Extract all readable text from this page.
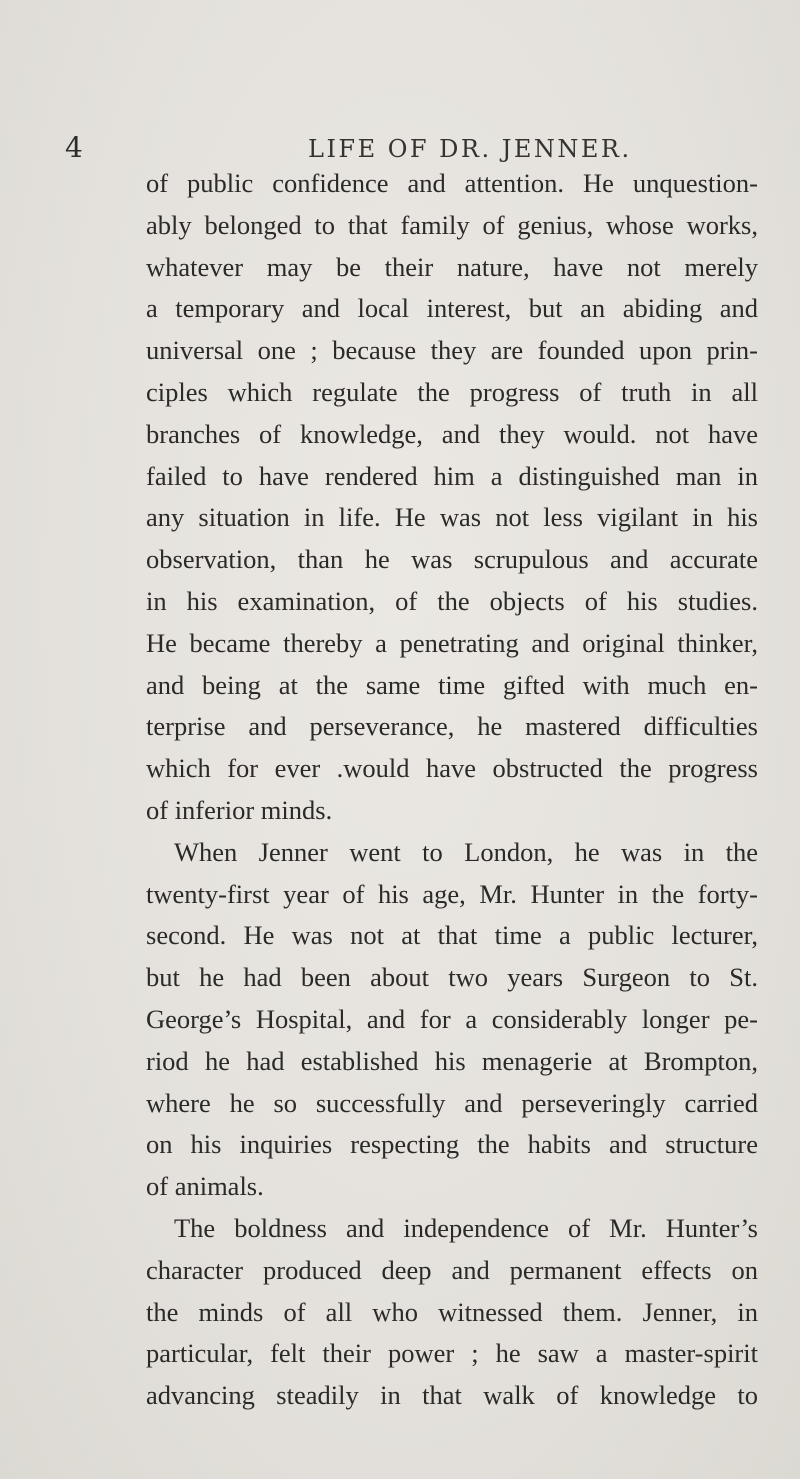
4	LIFE OF DR. JENNER.
of public confidence and attention. He unquestion-
ably belonged to that family of genius, whose works,
whatever may be their nature, have not merely
a temporary and local interest, but an abiding and
universal one ; because they are founded upon prin-
ciples which regulate the progress of truth in all
branches of knowledge, and they would. not have
failed to have rendered him a distinguished man in
any situation in life. He was not less vigilant in his
observation, than he was scrupulous and accurate
in his examination, of the objects of his studies.
He became thereby a penetrating and original thinker,
and being at the same time gifted with much en-
terprise and perseverance, he mastered difficulties
which for ever .would have obstructed the progress
of inferior minds.
When Jenner went to London, he was in the
twenty-first year of his age, Mr. Hunter in the forty-
second. He was not at that time a public lecturer,
but he had been about two years Surgeon to St.
George’s Hospital, and for a considerably longer pe-
riod he had established his menagerie at Brompton,
where he so successfully and perseveringly carried
on his inquiries respecting the habits and structure
of animals.
The boldness and independence of Mr. Hunter’s
character produced deep and permanent effects on
the minds of all who witnessed them. Jenner, in
particular, felt their power ; he saw a master-spirit
advancing steadily in that walk of knowledge to
